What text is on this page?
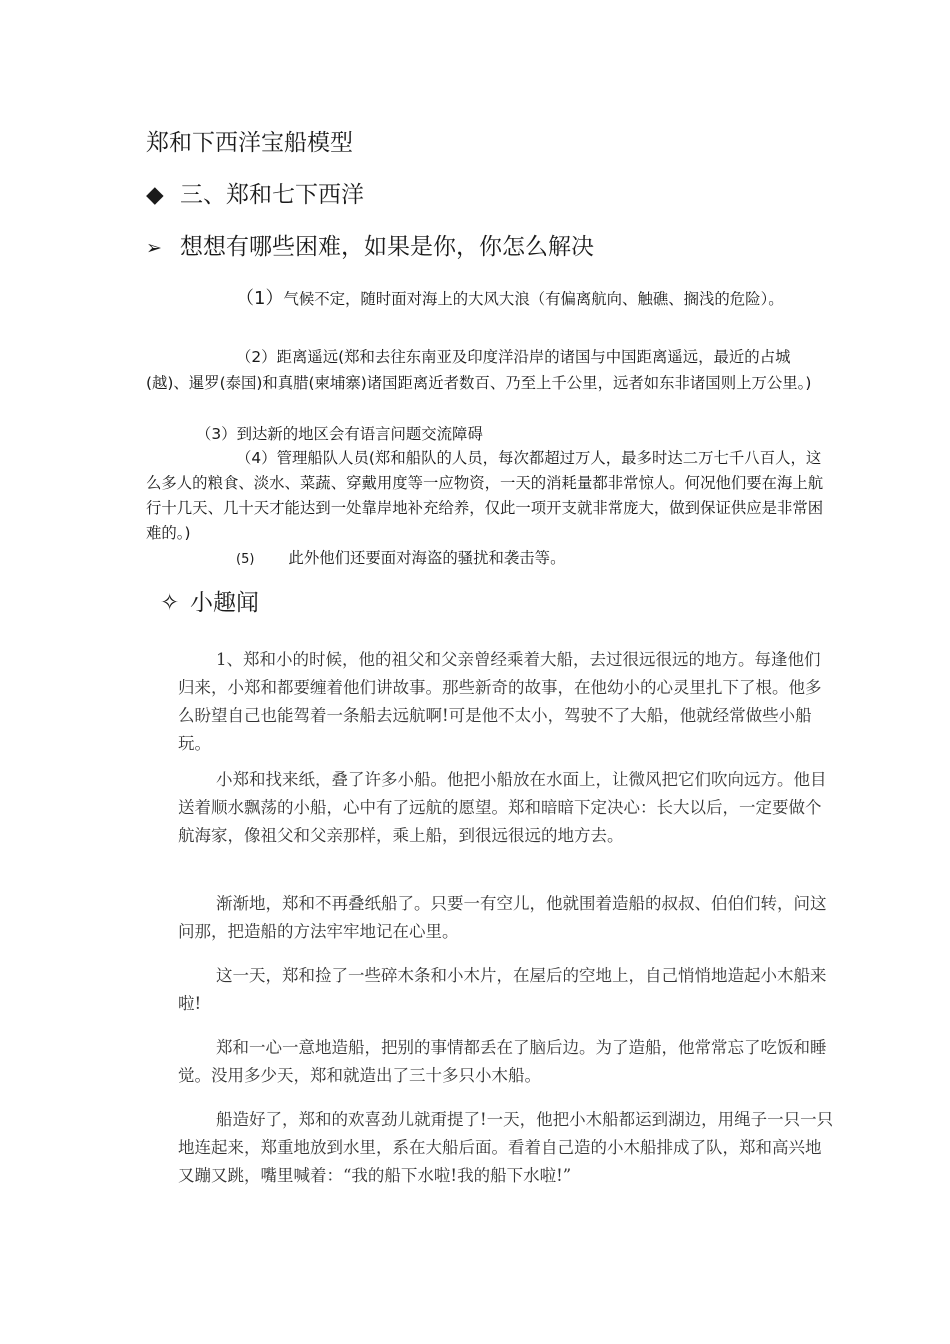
郑和下西洋宝船模型
◆ 三、郑和七下西洋
➢ 想想有哪些困难，如果是你，你怎么解决
（1）气候不定，随时面对海上的大风大浪（有偏离航向、触礁、搁浅的危险）。
（2）距离遥远(郑和去往东南亚及印度洋沿岸的诸国与中国距离遥远，最近的占城(越)、暹罗(泰国)和真腊(柬埔寨)诸国距离近者数百、乃至上千公里，远者如东非诸国则上万公里。)
（3）到达新的地区会有语言问题交流障碍
（4）管理船队人员(郑和船队的人员，每次都超过万人，最多时达二万七千八百人，这么多人的粮食、淡水、菜蔬、穿戴用度等一应物资，一天的消耗量都非常惊人。何况他们要在海上航行十几天、几十天才能达到一处靠岸地补充给养，仅此一项开支就非常庞大，做到保证供应是非常困难的。)
(5) 此外他们还要面对海盗的骚扰和袭击等。
✧ 小趣闻

1、郑和小的时候，他的祖父和父亲曾经乘着大船，去过很远很远的地方。每逢他们归来，小郑和都要缠着他们讲故事。那些新奇的故事，在他幼小的心灵里扎下了根。他多么盼望自己也能驾着一条船去远航啊!可是他不太小，驾驶不了大船，他就经常做些小船玩。

小郑和找来纸，叠了许多小船。他把小船放在水面上，让微风把它们吹向远方。他目送着顺水飘荡的小船，心中有了远航的愿望。郑和暗暗下定决心：长大以后，一定要做个航海家，像祖父和父亲那样，乘上船，到很远很远的地方去。

渐渐地，郑和不再叠纸船了。只要一有空儿，他就围着造船的叔叔、伯伯们转，问这问那，把造船的方法牢牢地记在心里。

这一天，郑和捡了一些碎木条和小木片，在屋后的空地上，自己悄悄地造起小木船来啦!

郑和一心一意地造船，把别的事情都丢在了脑后边。为了造船，他常常忘了吃饭和睡觉。没用多少天，郑和就造出了三十多只小木船。

船造好了，郑和的欢喜劲儿就甭提了!一天，他把小木船都运到湖边，用绳子一只一只地连起来，郑重地放到水里，系在大船后面。看着自己造的小木船排成了队，郑和高兴地又蹦又跳，嘴里喊着：“我的船下水啦!我的船下水啦!”
